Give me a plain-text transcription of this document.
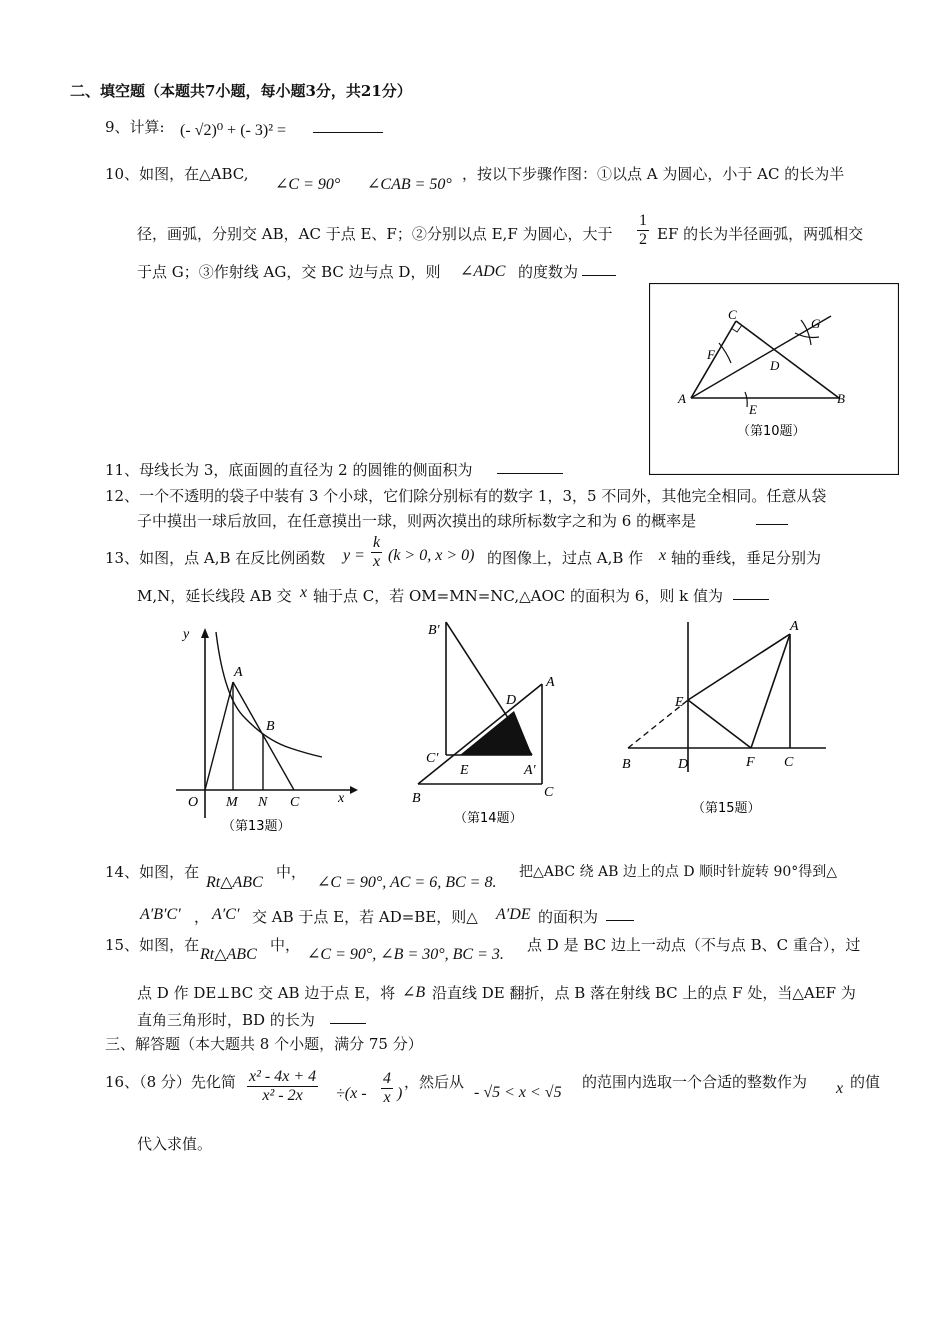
二、填空题（本题共7小题，每小题3分，共21分）
9、计算: (- √2)⁰ + (- 3)² =
10、如图，在△ABC,
∠C = 90° ∠CAB = 50°
，按以下步骤作图：①以点 A 为圆心，小于 AC 的长为半
径，画弧，分别交 AB，AC 于点 E、F；②分别以点 E,F 为圆心，大于 $\frac{1}{2}$ EF 的长为半径画弧，两弧相交
于点 G；③作射线 AG，交 BC 边与点 D，则 ∠ADC 的度数为
C
F
D
G
A
E
B
（第10题）
11、母线长为 3，底面圆的直径为 2 的圆锥的侧面积为
12、一个不透明的袋子中装有 3 个小球，它们除分别标有的数字 1，3，5 不同外，其他完全相同。任意从袋
子中摸出一球后放回，在任意摸出一球，则两次摸出的球所标数字之和为 6 的概率是
13、如图，点 A,B 在反比例函数 $y = \frac{k}{x} (k > 0$, x > 0) 的图像上，过点 A,B 作 x 轴的垂线，垂足分别为
M,N，延长线段 AB 交 x 轴于点 C，若 OM=MN=NC,△AOC 的面积为 6，则 k 值为
y
A
B
O M N C	x
（第13题）
B′
D
A
C′
E	A′
B	C
（第14题）
A
E
B	D	F C
（第15题）
14、如图，在
Rt△ABC
中，
∠C = 90°, AC = 6, BC = 8.
把△ABC 绕 AB 边上的点 D 顺时针旋转 90°得到△
A′B′C′ ， A′C′ 交 AB 于点 E，若 AD=BE，则△ A′DE 的面积为
15、如图，在
Rt△ABC
中，
∠C = 90°, ∠B = 30°, BC = 3.
点 D 是 BC 边上一动点（不与点 B、C 重合），过
点 D 作 DE⊥BC 交 AB 边于点 E，将 ∠B 沿直线 DE 翻折，点 B 落在射线 BC 上的点 F 处，当△AEF 为
直角三角形时，BD 的长为
三、解答题（本大题共 8 个小题，满分 75 分）
16、（8 分）先化简 $\frac{\text{x² - 4x + 4}}{\text{x² - 2x}} \div(x - \frac{4}{x}$ )
，然后从
- √5 < x < √5
的范围内选取一个合适的整数作为 x 的值
代入求值。
